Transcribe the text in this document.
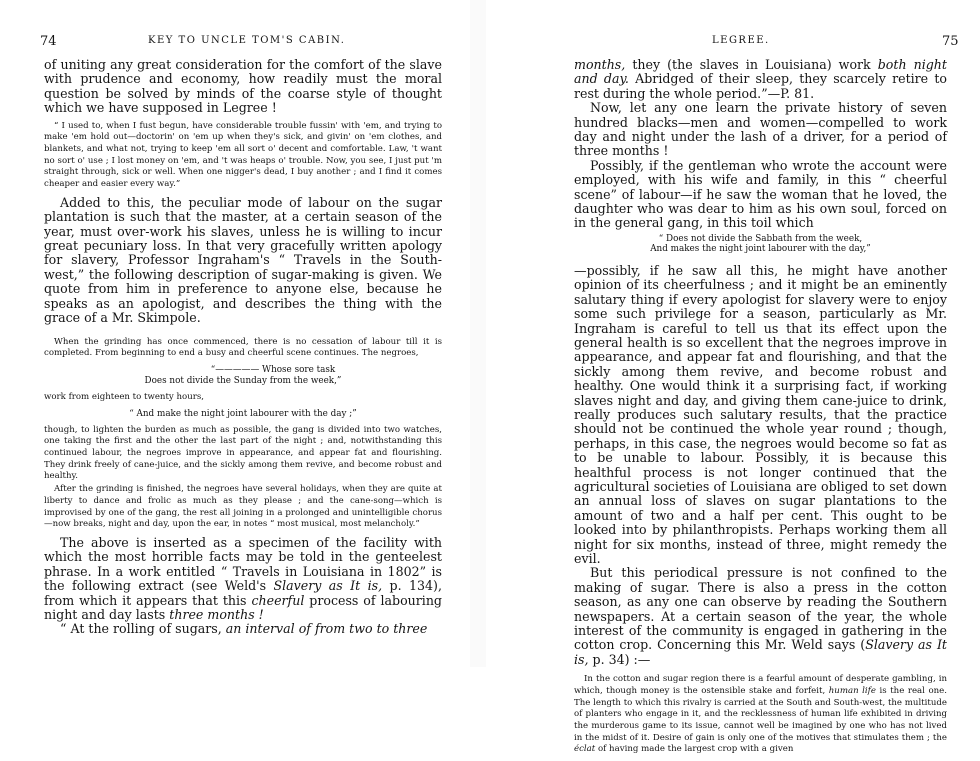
74	KEY TO UNCLE TOM'S CABIN.

of uniting any great consideration for the comfort of the slave with prudence and economy, how readily must the moral question be solved by minds of the coarse style of thought which we have supposed in Legree !

“ I used to, when I fust begun, have considerable trouble fussin' with 'em, and trying to make 'em hold out—doctorin' on 'em up when they's sick, and givin' on 'em clothes, and blankets, and what not, trying to keep 'em all sort o' decent and comfortable. Law, 't want no sort o' use ; I lost money on 'em, and 't was heaps o' trouble. Now, you see, I just put 'm straight through, sick or well. When one nigger's dead, I buy another ; and I find it comes cheaper and easier every way.”

Added to this, the peculiar mode of labour on the sugar plantation is such that the master, at a certain season of the year, must over-work his slaves, unless he is willing to incur great pecuniary loss. In that very gracefully written apology for slavery, Professor Ingraham's “ Travels in the South-west,” the following description of sugar-making is given. We quote from him in preference to anyone else, because he speaks as an apologist, and describes the thing with the grace of a Mr. Skimpole.

When the grinding has once commenced, there is no cessation of labour till it is completed. From beginning to end a busy and cheerful scene continues. The negroes,

“————— Whose sore task
Does not divide the Sunday from the week,”

work from eighteen to twenty hours,

“ And make the night joint labourer with the day ;”

though, to lighten the burden as much as possible, the gang is divided into two watches, one taking the first and the other the last part of the night ; and, notwithstanding this continued labour, the negroes improve in appearance, and appear fat and flourishing. They drink freely of cane-juice, and the sickly among them revive, and become robust and healthy.

After the grinding is finished, the negroes have several holidays, when they are quite at liberty to dance and frolic as much as they please ; and the cane-song—which is improvised by one of the gang, the rest all joining in a prolonged and unintelligible chorus—now breaks, night and day, upon the ear, in notes “ most musical, most melancholy.”

The above is inserted as a specimen of the facility with which the most horrible facts may be told in the genteelest phrase. In a work entitled “ Travels in Louisiana in 1802” is the following extract (see Weld's Slavery as It is, p. 134), from which it appears that this cheerful process of labouring night and day lasts three months !

“ At the rolling of sugars, an interval of from two to three

LEGREE.	75

months, they (the slaves in Louisiana) work both night and day. Abridged of their sleep, they scarcely retire to rest during the whole period.”—P. 81.

Now, let any one learn the private history of seven hundred blacks—men and women—compelled to work day and night under the lash of a driver, for a period of three months !

Possibly, if the gentleman who wrote the account were employed, with his wife and family, in this “ cheerful scene” of labour—if he saw the woman that he loved, the daughter who was dear to him as his own soul, forced on in the general gang, in this toil which

“ Does not divide the Sabbath from the week,
And makes the night joint labourer with the day,”

—possibly, if he saw all this, he might have another opinion of its cheerfulness ; and it might be an eminently salutary thing if every apologist for slavery were to enjoy some such privilege for a season, particularly as Mr. Ingraham is careful to tell us that its effect upon the general health is so excellent that the negroes improve in appearance, and appear fat and flourishing, and that the sickly among them revive, and become robust and healthy. One would think it a surprising fact, if working slaves night and day, and giving them cane-juice to drink, really produces such salutary results, that the practice should not be continued the whole year round ; though, perhaps, in this case, the negroes would become so fat as to be unable to labour. Possibly, it is because this healthful process is not longer continued that the agricultural societies of Louisiana are obliged to set down an annual loss of slaves on sugar plantations to the amount of two and a half per cent. This ought to be looked into by philanthropists. Perhaps working them all night for six months, instead of three, might remedy the evil.

But this periodical pressure is not confined to the making of sugar. There is also a press in the cotton season, as any one can observe by reading the Southern newspapers. At a certain season of the year, the whole interest of the community is engaged in gathering in the cotton crop. Concerning this Mr. Weld says (Slavery as It is, p. 34) :—

In the cotton and sugar region there is a fearful amount of desperate gambling, in which, though money is the ostensible stake and forfeit, human life is the real one. The length to which this rivalry is carried at the South and South-west, the multitude of planters who engage in it, and the recklessness of human life exhibited in driving the murderous game to its issue, cannot well be imagined by one who has not lived in the midst of it. Desire of gain is only one of the motives that stimulates them ; the éclat of having made the largest crop with a given
